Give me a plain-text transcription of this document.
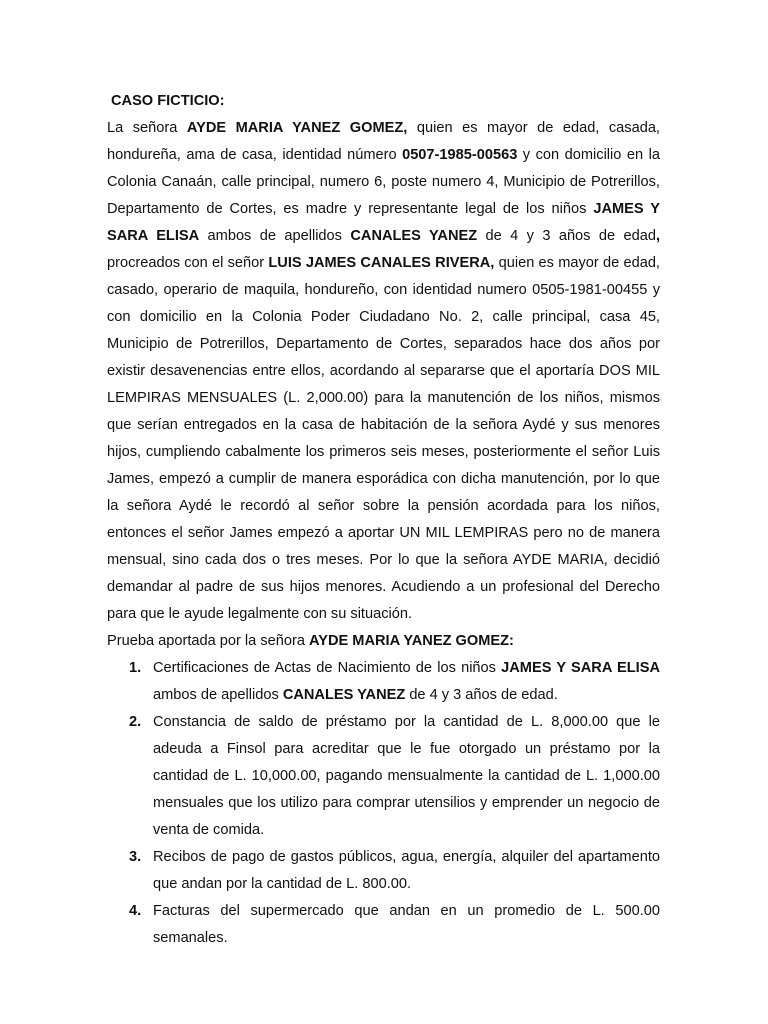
CASO FICTICIO:

La señora AYDE MARIA YANEZ GOMEZ, quien es mayor de edad, casada, hondureña, ama de casa, identidad número 0507-1985-00563 y con domicilio en la Colonia Canaán, calle principal, numero 6, poste numero 4, Municipio de Potrerillos, Departamento de Cortes, es madre y representante legal de los niños JAMES Y SARA ELISA ambos de apellidos CANALES YANEZ de 4 y 3 años de edad, procreados con el señor LUIS JAMES CANALES RIVERA, quien es mayor de edad, casado, operario de maquila, hondureño, con identidad numero 0505-1981-00455 y con domicilio en la Colonia Poder Ciudadano No. 2, calle principal, casa 45, Municipio de Potrerillos, Departamento de Cortes, separados hace dos años por existir desavenencias entre ellos, acordando al separarse que el aportaría DOS MIL LEMPIRAS MENSUALES (L. 2,000.00) para la manutención de los niños, mismos que serían entregados en la casa de habitación de la señora Aydé y sus menores hijos, cumpliendo cabalmente los primeros seis meses, posteriormente el señor Luis James, empezó a cumplir de manera esporádica con dicha manutención, por lo que la señora Aydé le recordó al señor sobre la pensión acordada para los niños, entonces el señor James empezó a aportar UN MIL LEMPIRAS pero no de manera mensual, sino cada dos o tres meses. Por lo que la señora AYDE MARIA, decidió demandar al padre de sus hijos menores. Acudiendo a un profesional del Derecho para que le ayude legalmente con su situación.

Prueba aportada por la señora AYDE MARIA YANEZ GOMEZ:

1. Certificaciones de Actas de Nacimiento de los niños JAMES Y SARA ELISA ambos de apellidos CANALES YANEZ de 4 y 3 años de edad.
2. Constancia de saldo de préstamo por la cantidad de L. 8,000.00 que le adeuda a Finsol para acreditar que le fue otorgado un préstamo por la cantidad de L. 10,000.00, pagando mensualmente la cantidad de L. 1,000.00 mensuales que los utilizo para comprar utensilios y emprender un negocio de venta de comida.
3. Recibos de pago de gastos públicos, agua, energía, alquiler del apartamento que andan por la cantidad de L. 800.00.
4. Facturas del supermercado que andan en un promedio de L. 500.00 semanales.
